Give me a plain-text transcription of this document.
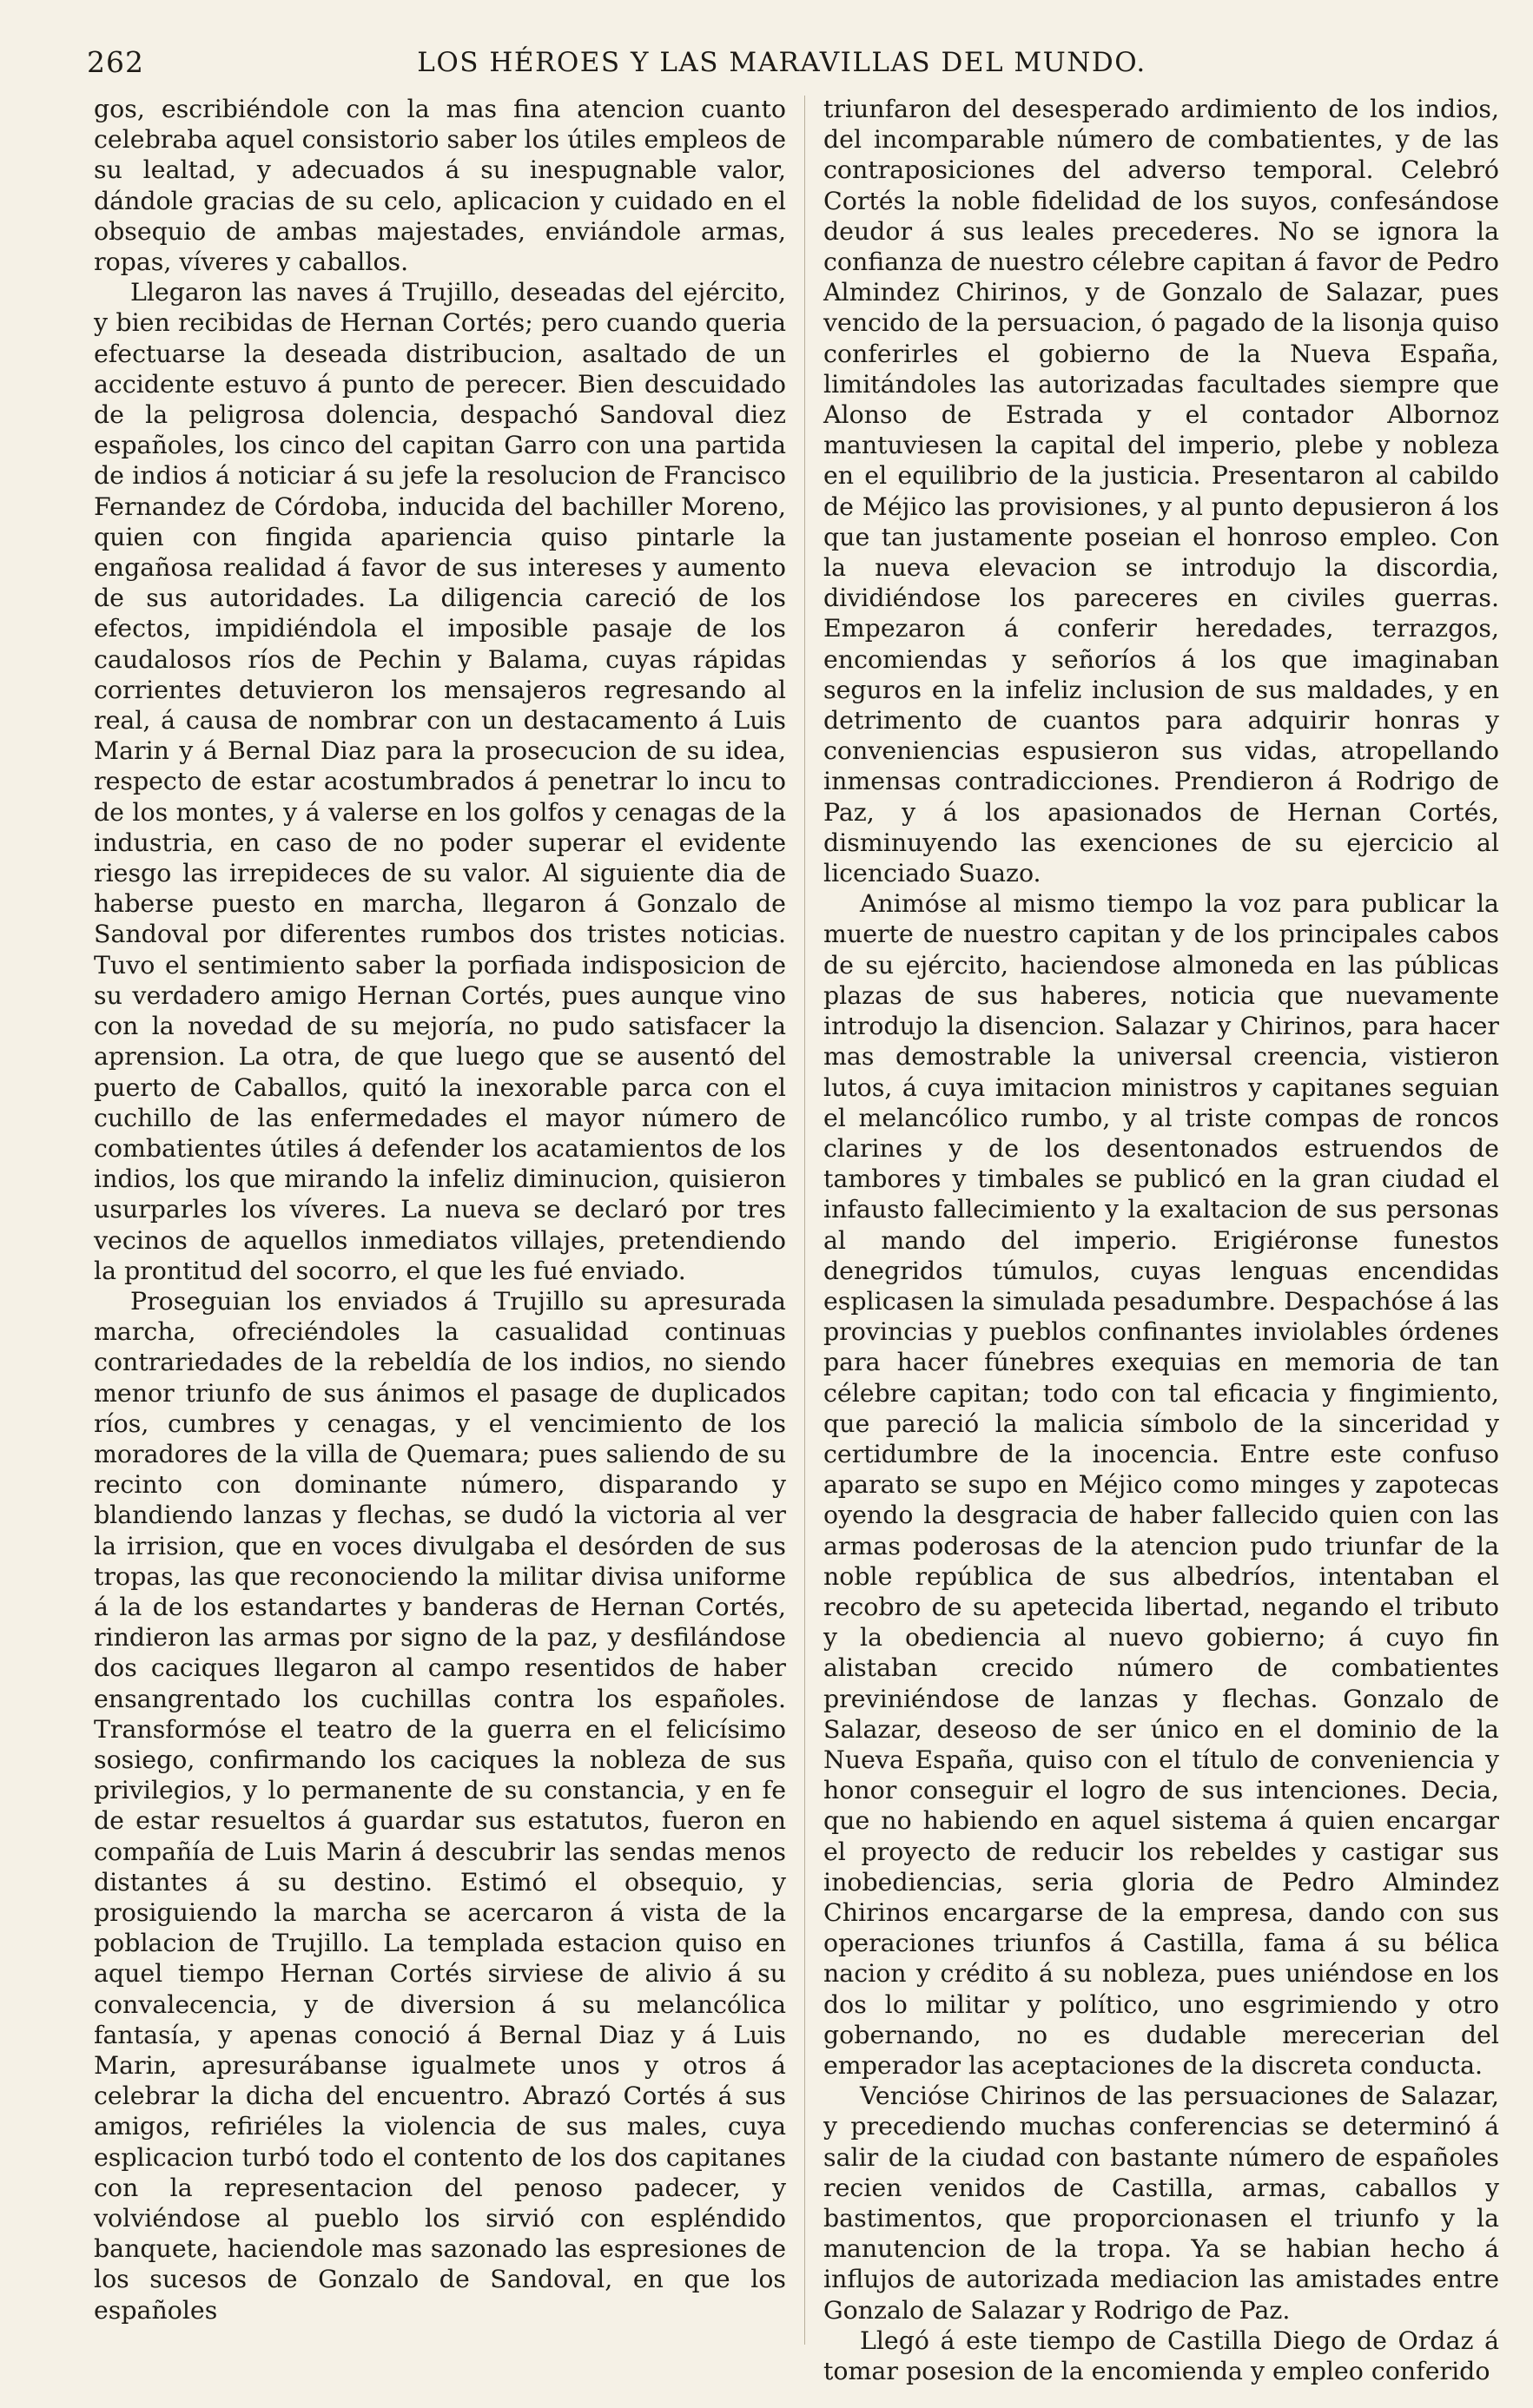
262	LOS HÉROES Y LAS MARAVILLAS DEL MUNDO.

gos, escribiéndole con la mas fina atencion cuanto celebraba aquel consistorio saber los útiles empleos de su lealtad, y adecuados á su inespugnable valor, dándole gracias de su celo, aplicacion y cuidado en el obsequio de ambas majestades, enviándole armas, ropas, víveres y caballos.

Llegaron las naves á Trujillo, deseadas del ejército, y bien recibidas de Hernan Cortés; pero cuando queria efectuarse la deseada distribucion, asaltado de un accidente estuvo á punto de perecer. Bien descuidado de la peligrosa dolencia, despachó Sandoval diez españoles, los cinco del capitan Garro con una partida de indios á noticiar á su jefe la resolucion de Francisco Fernandez de Córdoba, inducida del bachiller Moreno, quien con fingida apariencia quiso pintarle la engañosa realidad á favor de sus intereses y aumento de sus autoridades. La diligencia careció de los efectos, impidiéndola el imposible pasaje de los caudalosos ríos de Pechin y Balama, cuyas rápidas corrientes detuvieron los mensajeros regresando al real, á causa de nombrar con un destacamento á Luis Marin y á Bernal Diaz para la prosecucion de su idea, respecto de estar acostumbrados á penetrar lo incu to de los montes, y á valerse en los golfos y cenagas de la industria, en caso de no poder superar el evidente riesgo las irrepideces de su valor. Al siguiente dia de haberse puesto en marcha, llegaron á Gonzalo de Sandoval por diferentes rumbos dos tristes noticias. Tuvo el sentimiento saber la porfiada indisposicion de su verdadero amigo Hernan Cortés, pues aunque vino con la novedad de su mejoría, no pudo satisfacer la aprension. La otra, de que luego que se ausentó del puerto de Caballos, quitó la inexorable parca con el cuchillo de las enfermedades el mayor número de combatientes útiles á defender los acatamientos de los indios, los que mirando la infeliz diminucion, quisieron usurparles los víveres. La nueva se declaró por tres vecinos de aquellos inmediatos villajes, pretendiendo la prontitud del socorro, el que les fué enviado.

Proseguian los enviados á Trujillo su apresurada marcha, ofreciéndoles la casualidad continuas contrariedades de la rebeldía de los indios, no siendo menor triunfo de sus ánimos el pasage de duplicados ríos, cumbres y cenagas, y el vencimiento de los moradores de la villa de Quemara; pues saliendo de su recinto con dominante número, disparando y blandiendo lanzas y flechas, se dudó la victoria al ver la irrision, que en voces divulgaba el desórden de sus tropas, las que reconociendo la militar divisa uniforme á la de los estandartes y banderas de Hernan Cortés, rindieron las armas por signo de la paz, y desfilándose dos caciques llegaron al campo resentidos de haber ensangrentado los cuchillas contra los españoles. Transformóse el teatro de la guerra en el felicísimo sosiego, confirmando los caciques la nobleza de sus privilegios, y lo permanente de su constancia, y en fe de estar resueltos á guardar sus estatutos, fueron en compañía de Luis Marin á descubrir las sendas menos distantes á su destino. Estimó el obsequio, y prosiguiendo la marcha se acercaron á vista de la poblacion de Trujillo. La templada estacion quiso en aquel tiempo Hernan Cortés sirviese de alivio á su convalecencia, y de diversion á su melancólica fantasía, y apenas conoció á Bernal Diaz y á Luis Marin, apresurábanse igualmete unos y otros á celebrar la dicha del encuentro. Abrazó Cortés á sus amigos, refiriéles la violencia de sus males, cuya esplicacion turbó todo el contento de los dos capitanes con la representacion del penoso padecer, y volviéndose al pueblo los sirvió con espléndido banquete, haciendole mas sazonado las espresiones de los sucesos de Gonzalo de Sandoval, en que los españoles

triunfaron del desesperado ardimiento de los indios, del incomparable número de combatientes, y de las contraposiciones del adverso temporal. Celebró Cortés la noble fidelidad de los suyos, confesándose deudor á sus leales precederes. No se ignora la confianza de nuestro célebre capitan á favor de Pedro Almindez Chirinos, y de Gonzalo de Salazar, pues vencido de la persuacion, ó pagado de la lisonja quiso conferirles el gobierno de la Nueva España, limitándoles las autorizadas facultades siempre que Alonso de Estrada y el contador Albornoz mantuviesen la capital del imperio, plebe y nobleza en el equilibrio de la justicia. Presentaron al cabildo de Méjico las provisiones, y al punto depusieron á los que tan justamente poseian el honroso empleo. Con la nueva elevacion se introdujo la discordia, dividiéndose los pareceres en civiles guerras. Empezaron á conferir heredades, terrazgos, encomiendas y señoríos á los que imaginaban seguros en la infeliz inclusion de sus maldades, y en detrimento de cuantos para adquirir honras y conveniencias espusieron sus vidas, atropellando inmensas contradicciones. Prendieron á Rodrigo de Paz, y á los apasionados de Hernan Cortés, disminuyendo las exenciones de su ejercicio al licenciado Suazo.

Animóse al mismo tiempo la voz para publicar la muerte de nuestro capitan y de los principales cabos de su ejército, haciendose almoneda en las públicas plazas de sus haberes, noticia que nuevamente introdujo la disencion. Salazar y Chirinos, para hacer mas demostrable la universal creencia, vistieron lutos, á cuya imitacion ministros y capitanes seguian el melancólico rumbo, y al triste compas de roncos clarines y de los desentonados estruendos de tambores y timbales se publicó en la gran ciudad el infausto fallecimiento y la exaltacion de sus personas al mando del imperio. Erigiéronse funestos denegridos túmulos, cuyas lenguas encendidas esplicasen la simulada pesadumbre. Despachóse á las provincias y pueblos confinantes inviolables órdenes para hacer fúnebres exequias en memoria de tan célebre capitan; todo con tal eficacia y fingimiento, que pareció la malicia símbolo de la sinceridad y certidumbre de la inocencia. Entre este confuso aparato se supo en Méjico como minges y zapotecas oyendo la desgracia de haber fallecido quien con las armas poderosas de la atencion pudo triunfar de la noble república de sus albedríos, intentaban el recobro de su apetecida libertad, negando el tributo y la obediencia al nuevo gobierno; á cuyo fin alistaban crecido número de combatientes previniéndose de lanzas y flechas. Gonzalo de Salazar, deseoso de ser único en el dominio de la Nueva España, quiso con el título de conveniencia y honor conseguir el logro de sus intenciones. Decia, que no habiendo en aquel sistema á quien encargar el proyecto de reducir los rebeldes y castigar sus inobediencias, seria gloria de Pedro Almindez Chirinos encargarse de la empresa, dando con sus operaciones triunfos á Castilla, fama á su bélica nacion y crédito á su nobleza, pues uniéndose en los dos lo militar y político, uno esgrimiendo y otro gobernando, no es dudable merecerian del emperador las aceptaciones de la discreta conducta.

Vencióse Chirinos de las persuaciones de Salazar, y precediendo muchas conferencias se determinó á salir de la ciudad con bastante número de españoles recien venidos de Castilla, armas, caballos y bastimentos, que proporcionasen el triunfo y la manutencion de la tropa. Ya se habian hecho á influjos de autorizada mediacion las amistades entre Gonzalo de Salazar y Rodrigo de Paz.

Llegó á este tiempo de Castilla Diego de Ordaz á tomar posesion de la encomienda y empleo conferido
